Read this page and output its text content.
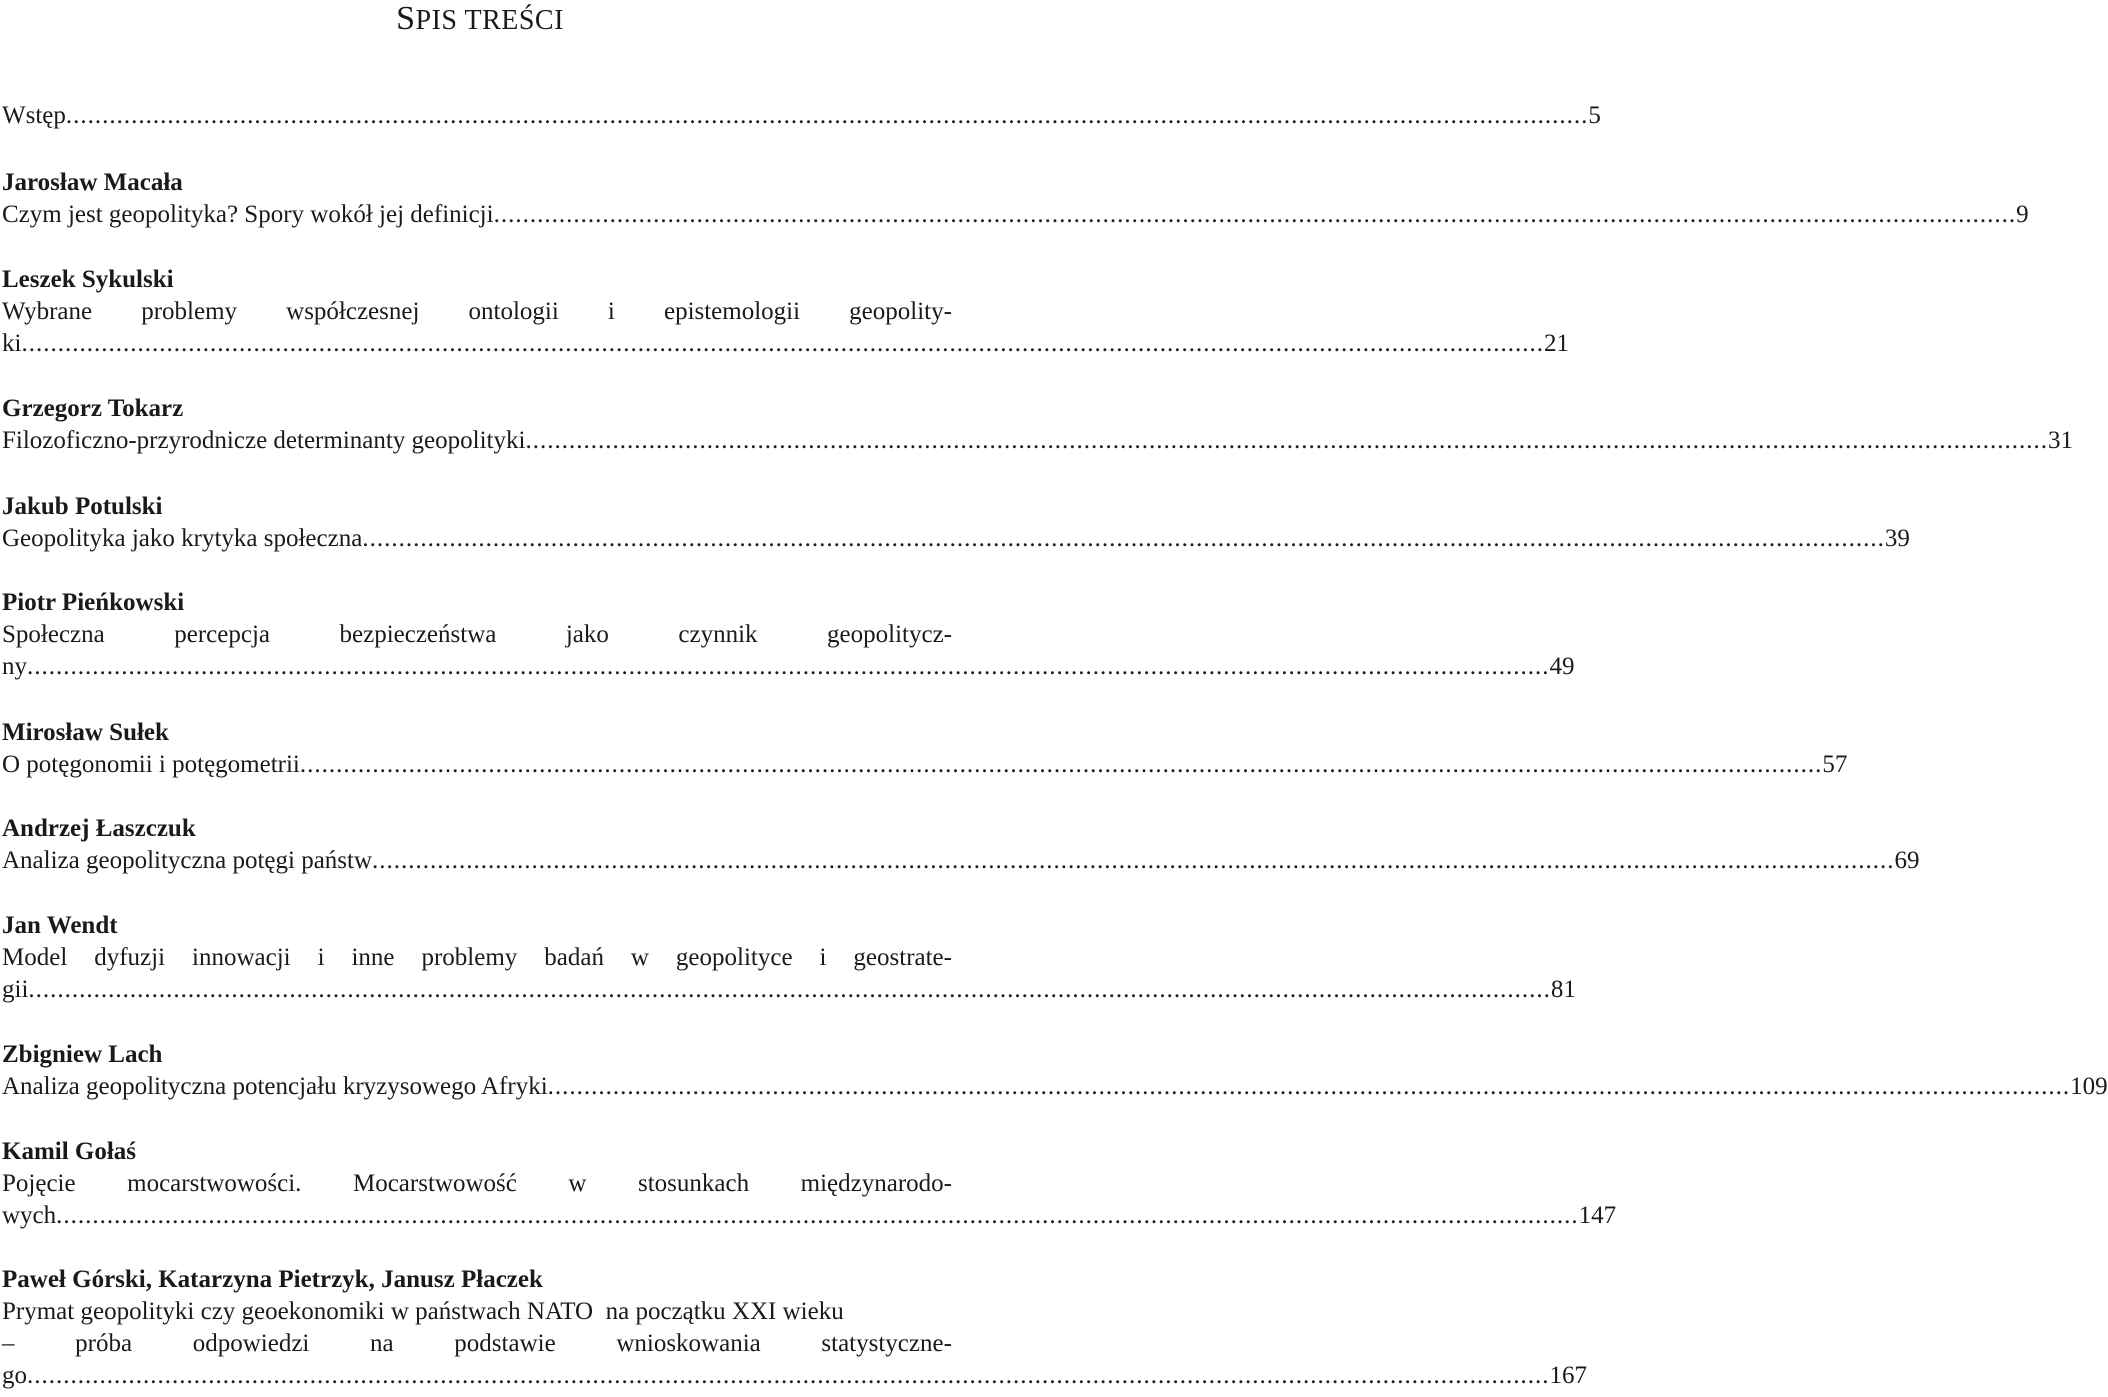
SPIS TREŚCI
Wstęp .................................................................................................................................................................................................................. 5
Jarosław Macała
Czym jest geopolityka? Spory wokół jej definicji .................................................................................................................................................................................................................. 9
Leszek Sykulski
Wybrane problemy współczesnej ontologii i epistemologii geopolity-
ki .................................................................................................................................................................................................................. 21
Grzegorz Tokarz
Filozoficzno-przyrodnicze determinanty geopolityki .................................................................................................................................................................................................................. 31
Jakub Potulski
Geopolityka jako krytyka społeczna .................................................................................................................................................................................................................. 39
Piotr Pieńkowski
Społeczna	percepcja	bezpieczeństwa	jako	czynnik	geopolitycz-
ny .................................................................................................................................................................................................................. 49
Mirosław Sułek
O potęgonomii i potęgometrii .................................................................................................................................................................................................................. 57
Andrzej Łaszczuk
Analiza geopolityczna potęgi państw .................................................................................................................................................................................................................. 69
Jan Wendt
Model dyfuzji innowacji i inne problemy badań w geopolityce i geostrate-
gii .................................................................................................................................................................................................................. 81
Zbigniew Lach
Analiza geopolityczna potencjału kryzysowego Afryki .................................................................................................................................................................................................................. 109
Kamil Gołaś
Pojęcie mocarstwowości. Mocarstwowość w stosunkach międzynarodo-
wych .................................................................................................................................................................................................................. 147
Paweł Górski, Katarzyna Pietrzyk, Janusz Płaczek
Prymat geopolityki czy geoekonomiki w państwach NATO  na początku XXI wieku
– próba odpowiedzi na podstawie wnioskowania statystyczne-
go .................................................................................................................................................................................................................. 167
